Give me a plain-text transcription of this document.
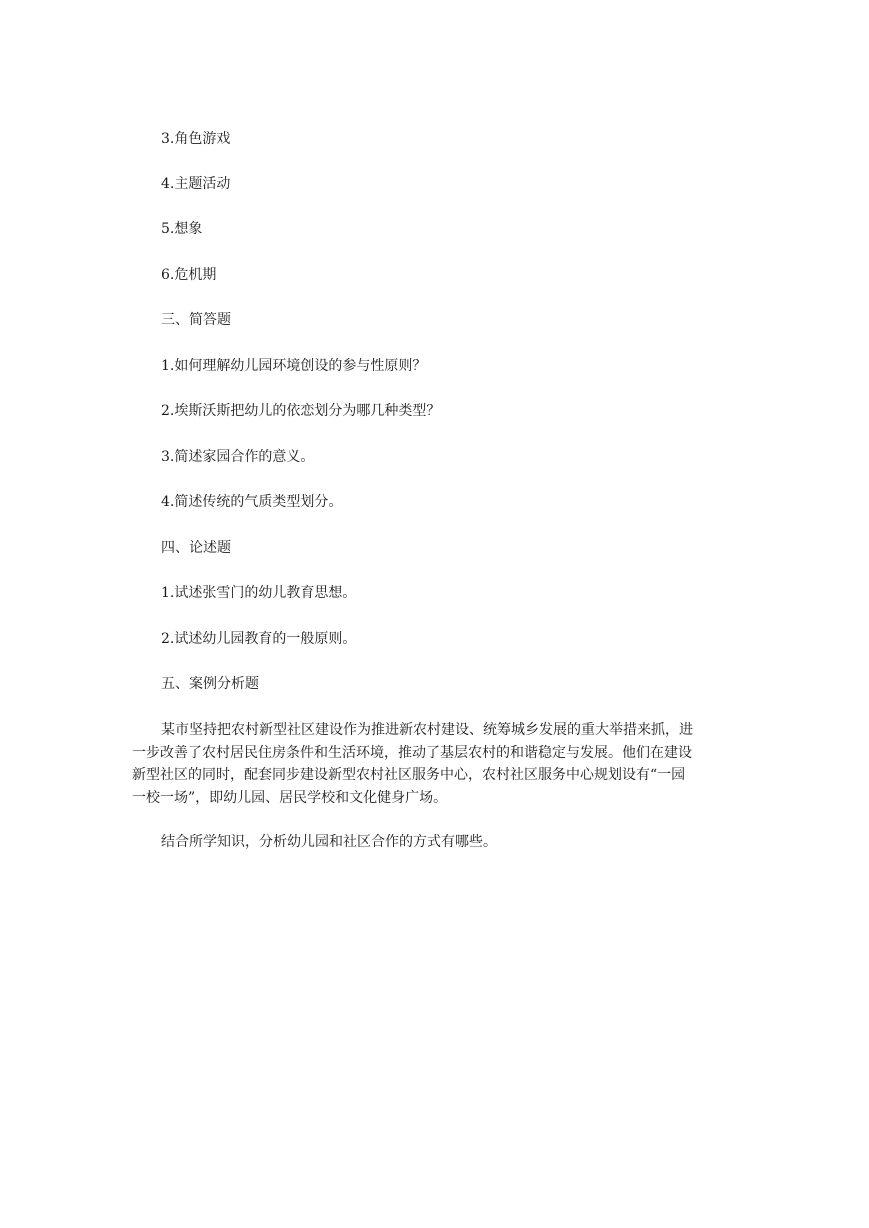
3.角色游戏
4.主题活动
5.想象
6.危机期
三、简答题
1.如何理解幼儿园环境创设的参与性原则？
2.埃斯沃斯把幼儿的依恋划分为哪几种类型？
3.简述家园合作的意义。
4.简述传统的气质类型划分。
四、论述题
1.试述张雪门的幼儿教育思想。
2.试述幼儿园教育的一般原则。
五、案例分析题
某市坚持把农村新型社区建设作为推进新农村建设、统筹城乡发展的重大举措来抓，进
一步改善了农村居民住房条件和生活环境，推动了基层农村的和谐稳定与发展。他们在建设
新型社区的同时，配套同步建设新型农村社区服务中心，农村社区服务中心规划设有“一园
一校一场”，即幼儿园、居民学校和文化健身广场。
结合所学知识，分析幼儿园和社区合作的方式有哪些。
